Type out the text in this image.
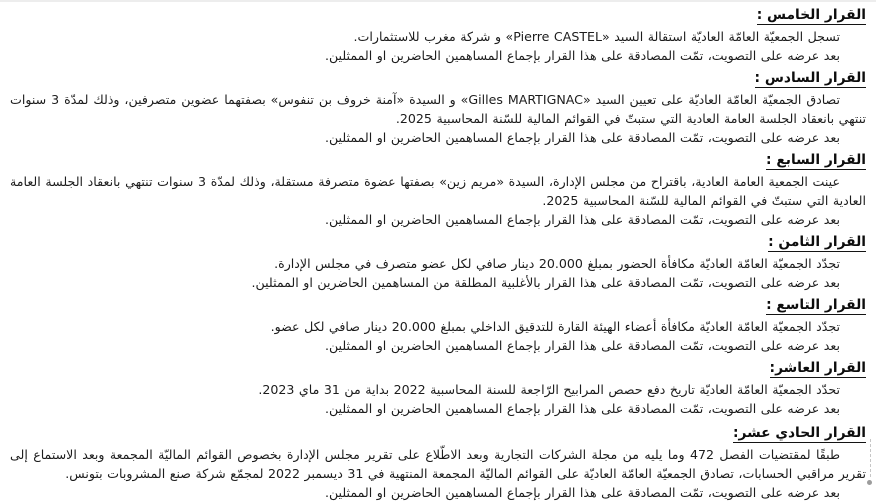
القرار الخامس :

تسجل الجمعيّة العامّة العاديّة استقالة السيد «Pierre CASTEL» و شركة مغرب للاستثمارات.

بعد عرضه على التصويت، تمّت المصادقة على هذا القرار بإجماع المساهمين الحاضرين او الممثلين.

القرار السادس :

تصادق الجمعيّة العامّة العاديّة على تعيين السيد «Gilles MARTIGNAC» و السيدة «آمنة خروف بن تنفوس» بصفتهما عضوين متصرفين، وذلك لمدّة 3 سنوات تنتهي بانعقاد الجلسة العامة العادية التي ستبتّ في القوائم المالية للسّنة المحاسبية 2025.

بعد عرضه على التصويت، تمّت المصادقة على هذا القرار بإجماع المساهمين الحاضرين او الممثلين.

القرار السابع :

عينت الجمعية العامة العادية، باقتراح من مجلس الإدارة، السيدة «مريم زين» بصفتها عضوة متصرفة مستقلة، وذلك لمدّة 3 سنوات تنتهي بانعقاد الجلسة العامة العادية التي ستبتّ في القوائم المالية للسّنة المحاسبية 2025.

بعد عرضه على التصويت، تمّت المصادقة على هذا القرار بإجماع المساهمين الحاضرين او الممثلين.

القرار الثامن :

تجدّد الجمعيّة العامّة العاديّة مكافأة الحضور بمبلغ 20.000 دينار صافي لكل عضو متصرف في مجلس الإدارة.

بعد عرضه على التصويت، تمّت المصادقة على هذا القرار بالأغلبية المطلقة من المساهمين الحاضرين او الممثلين.

القرار التاسع :

تجدّد الجمعيّة العامّة العاديّة مكافأة أعضاء الهيئة القارة للتدقيق الداخلي بمبلغ 20.000 دينار صافي لكل عضو.

بعد عرضه على التصويت، تمّت المصادقة على هذا القرار بإجماع المساهمين الحاضرين او الممثلين.

القرار العاشر:

تحدّد الجمعيّة العامّة العاديّة تاريخ دفع حصص المرابيح الرّاجعة للسنة المحاسبية 2022 بداية من 31 ماي 2023.

بعد عرضه على التصويت، تمّت المصادقة على هذا القرار بإجماع المساهمين الحاضرين او الممثلين.

القرار الحادي عشر:

طبقًا لمقتضيات الفصل 472 وما يليه من مجلة الشركات التجارية وبعد الاطّلاع على تقرير مجلس الإدارة بخصوص القوائم الماليّة المجمعة وبعد الاستماع إلى تقرير مراقبي الحسابات، تصادق الجمعيّة العامّة العاديّة على القوائم الماليّة المجمعة المنتهية في 31 ديسمبر 2022 لمجمّع شركة صنع المشروبات بتونس.

بعد عرضه على التصويت، تمّت المصادقة على هذا القرار بإجماع المساهمين الحاضرين او الممثلين.
